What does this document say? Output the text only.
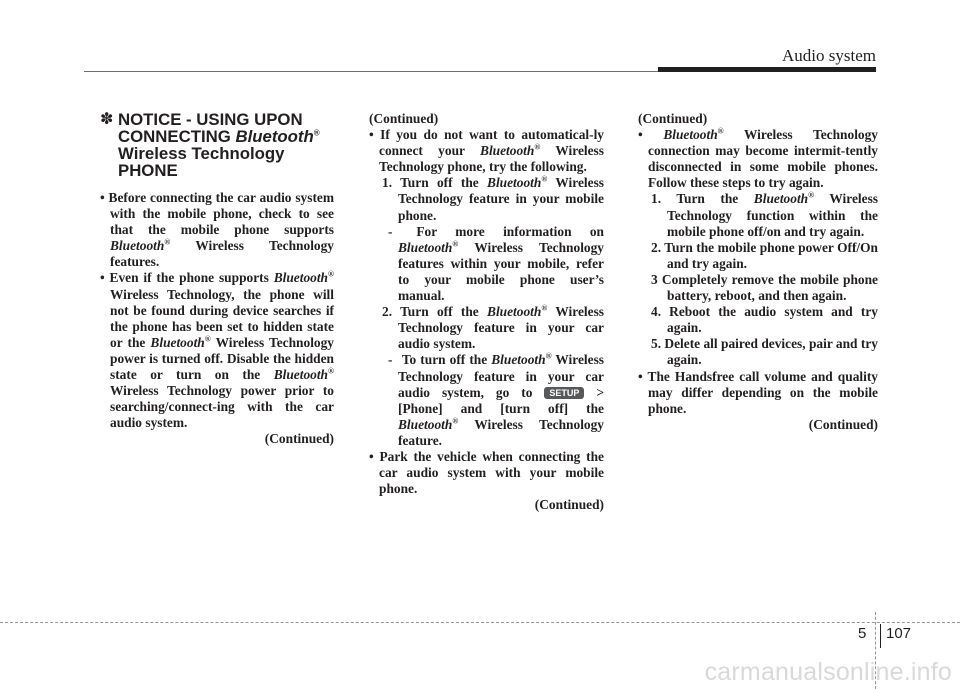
Audio system
✽ NOTICE - USING UPON
CONNECTING Bluetooth®
Wireless Technology
PHONE

• Before connecting the car audio system with the mobile phone, check to see that the mobile phone supports Bluetooth® Wireless Technology features.

• Even if the phone supports Bluetooth® Wireless Technology, the phone will not be found during device searches if the phone has been set to hidden state or the Bluetooth® Wireless Technology power is turned off. Disable the hidden state or turn on the Bluetooth® Wireless Technology power prior to searching/connect-ing with the car audio system.

(Continued)

(Continued)

• If you do not want to automatical-ly connect your Bluetooth® Wireless Technology phone, try the following.

1. Turn off the Bluetooth® Wireless Technology feature in your mobile phone.

- For more information on Bluetooth® Wireless Technology features within your mobile, refer to your mobile phone user’s manual.

2. Turn off the Bluetooth® Wireless Technology feature in your car audio system.

- To turn off the Bluetooth® Wireless Technology feature in your car audio system, go to SETUP > [Phone] and [turn off] the Bluetooth® Wireless Technology feature.

• Park the vehicle when connecting the car audio system with your mobile phone.

(Continued)

(Continued)

• Bluetooth® Wireless Technology connection may become intermit-tently disconnected in some mobile phones. Follow these steps to try again.

1. Turn the Bluetooth® Wireless Technology function within the mobile phone off/on and try again.

2. Turn the mobile phone power Off/On and try again.

3 Completely remove the mobile phone battery, reboot, and then again.

4. Reboot the audio system and try again.

5. Delete all paired devices, pair and try again.

• The Handsfree call volume and quality may differ depending on the mobile phone.

(Continued)

5 107
carmanualsonline.info
